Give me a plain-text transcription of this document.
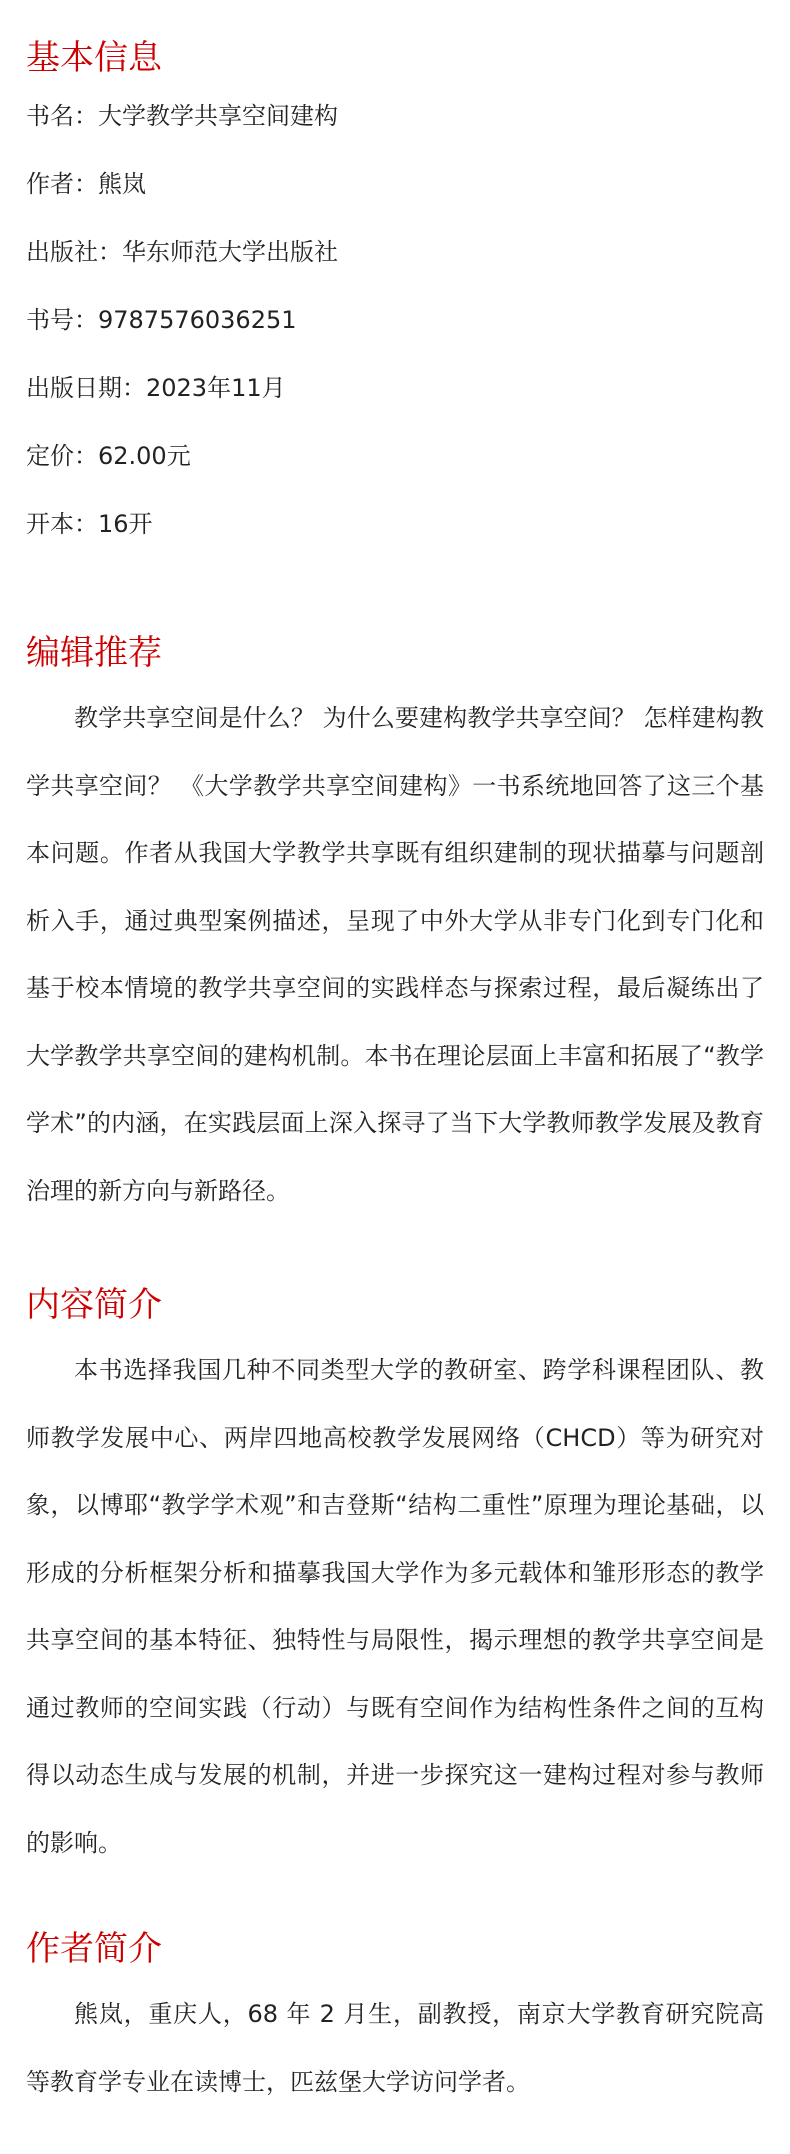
基本信息
书名：大学教学共享空间建构
作者：熊岚
出版社：华东师范大学出版社
书号：9787576036251
出版日期：2023年11月
定价：62.00元
开本：16开
编辑推荐

教学共享空间是什么？ 为什么要建构教学共享空间？ 怎样建构教学共享空间？ 《大学教学共享空间建构》一书系统地回答了这三个基本问题。作者从我国大学教学共享既有组织建制的现状描摹与问题剖析入手，通过典型案例描述，呈现了中外大学从非专门化到专门化和基于校本情境的教学共享空间的实践样态与探索过程，最后凝练出了大学教学共享空间的建构机制。本书在理论层面上丰富和拓展了“教学学术”的内涵，在实践层面上深入探寻了当下大学教师教学发展及教育治理的新方向与新路径。

内容简介

本书选择我国几种不同类型大学的教研室、跨学科课程团队、教师教学发展中心、两岸四地高校教学发展网络（CHCD）等为研究对象，以博耶“教学学术观”和吉登斯“结构二重性”原理为理论基础，以形成的分析框架分析和描摹我国大学作为多元载体和雏形形态的教学共享空间的基本特征、独特性与局限性，揭示理想的教学共享空间是通过教师的空间实践（行动）与既有空间作为结构性条件之间的互构得以动态生成与发展的机制，并进一步探究这一建构过程对参与教师的影响。

作者简介

熊岚，重庆人，68 年 2 月生，副教授，南京大学教育研究院高等教育学专业在读博士，匹兹堡大学访问学者。
